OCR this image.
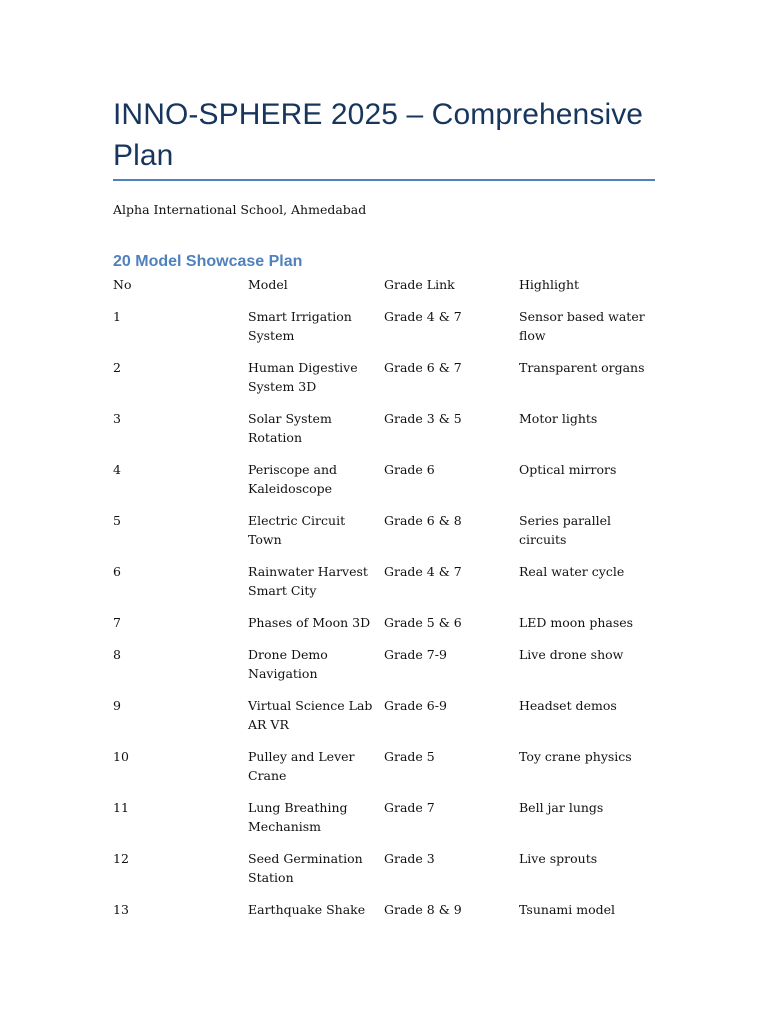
INNO-SPHERE 2025 – Comprehensive Plan
Alpha International School, Ahmedabad
20 Model Showcase Plan
No	Model	Grade Link	Highlight
1	Smart Irrigation System	Grade 4 & 7	Sensor based water flow
2	Human Digestive System 3D	Grade 6 & 7	Transparent organs
3	Solar System Rotation	Grade 3 & 5	Motor lights
4	Periscope and Kaleidoscope	Grade 6	Optical mirrors
5	Electric Circuit Town	Grade 6 & 8	Series parallel circuits
6	Rainwater Harvest Smart City	Grade 4 & 7	Real water cycle
7	Phases of Moon 3D	Grade 5 & 6	LED moon phases
8	Drone Demo Navigation	Grade 7-9	Live drone show
9	Virtual Science Lab AR VR	Grade 6-9	Headset demos
10	Pulley and Lever Crane	Grade 5	Toy crane physics
11	Lung Breathing Mechanism	Grade 7	Bell jar lungs
12	Seed Germination Station	Grade 3	Live sprouts
13	Earthquake Shake	Grade 8 & 9	Tsunami model
